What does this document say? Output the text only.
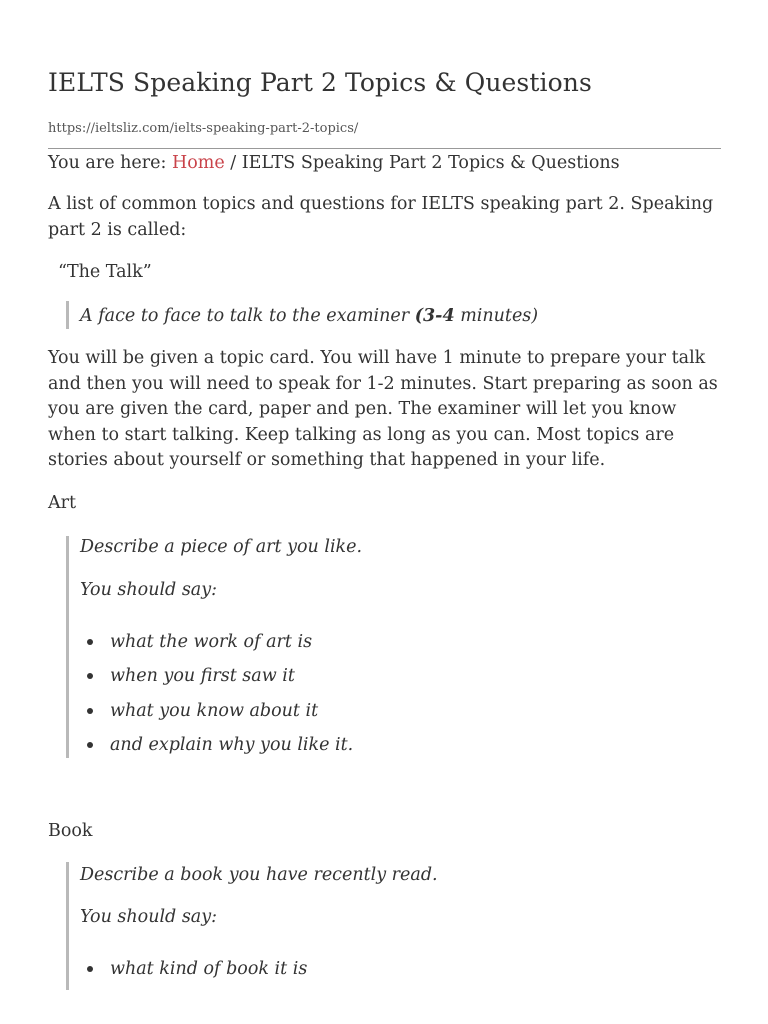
IELTS Speaking Part 2 Topics & Questions
https://ieltsliz.com/ielts-speaking-part-2-topics/
You are here: Home / IELTS Speaking Part 2 Topics & Questions

A list of common topics and questions for IELTS speaking part 2. Speaking part 2 is called:

“The Talk”
A face to face to talk to the examiner (3-4 minutes)

You will be given a topic card. You will have 1 minute to prepare your talk and then you will need to speak for 1-2 minutes. Start preparing as soon as you are given the card, paper and pen. The examiner will let you know when to start talking. Keep talking as long as you can. Most topics are stories about yourself or something that happened in your life.

Art
Describe a piece of art you like.
You should say:
what the work of art is
when you first saw it
what you know about it
and explain why you like it.
Book
Describe a book you have recently read.
You should say:
what kind of book it is
